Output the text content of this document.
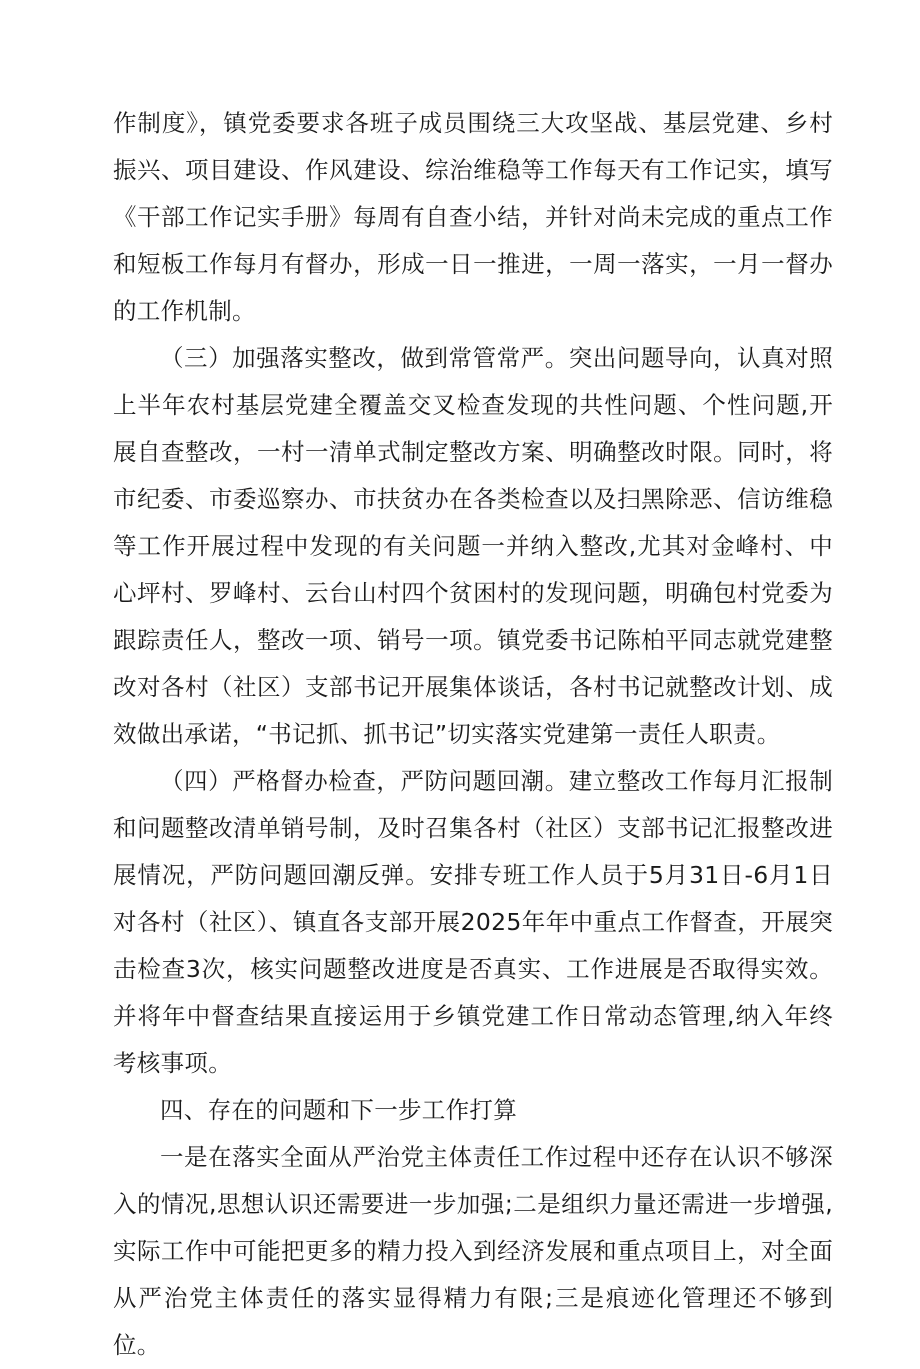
作制度》，镇党委要求各班子成员围绕三大攻坚战、基层党建、乡村振兴、项目建设、作风建设、综治维稳等工作每天有工作记实，填写《干部工作记实手册》每周有自查小结，并针对尚未完成的重点工作和短板工作每月有督办，形成一日一推进，一周一落实，一月一督办的工作机制。

（三）加强落实整改，做到常管常严。突出问题导向，认真对照上半年农村基层党建全覆盖交叉检查发现的共性问题、个性问题,开展自查整改，一村一清单式制定整改方案、明确整改时限。同时，将市纪委、市委巡察办、市扶贫办在各类检查以及扫黑除恶、信访维稳等工作开展过程中发现的有关问题一并纳入整改,尤其对金峰村、中心坪村、罗峰村、云台山村四个贫困村的发现问题，明确包村党委为跟踪责任人，整改一项、销号一项。镇党委书记陈柏平同志就党建整改对各村（社区）支部书记开展集体谈话，各村书记就整改计划、成效做出承诺，“书记抓、抓书记”切实落实党建第一责任人职责。

（四）严格督办检查，严防问题回潮。建立整改工作每月汇报制和问题整改清单销号制，及时召集各村（社区）支部书记汇报整改进展情况，严防问题回潮反弹。安排专班工作人员于5月31日-6月1日对各村（社区）、镇直各支部开展2025年年中重点工作督查，开展突击检查3次，核实问题整改进度是否真实、工作进展是否取得实效。并将年中督查结果直接运用于乡镇党建工作日常动态管理,纳入年终考核事项。

四、存在的问题和下一步工作打算

一是在落实全面从严治党主体责任工作过程中还存在认识不够深入的情况,思想认识还需要进一步加强;二是组织力量还需进一步增强,实际工作中可能把更多的精力投入到经济发展和重点项目上，对全面从严治党主体责任的落实显得精力有限;三是痕迹化管理还不够到位。
